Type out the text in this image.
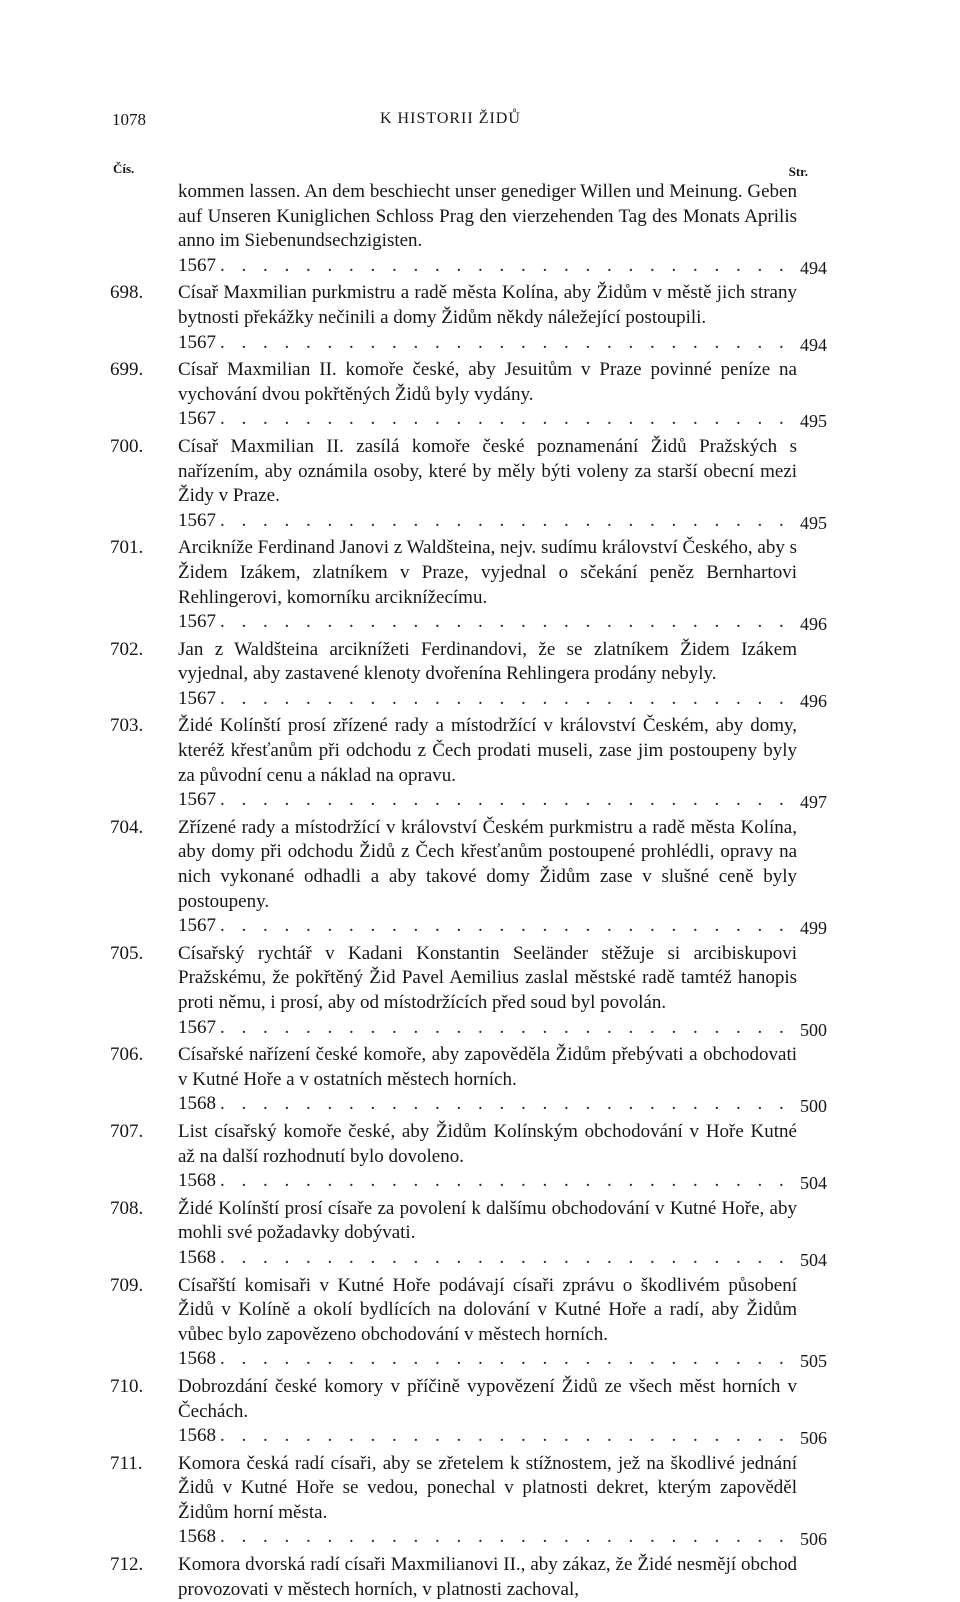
1078	K HISTORII ŽIDŮ
Čís.	Str.
kommen lassen. An dem beschiecht unser genediger Willen und Meinung. Geben auf Unseren Kuniglichen Schloss Prag den vierzehenden Tag des Monats Aprilis anno im Siebenundsechzigisten.
1567 . . .	494
698.	Císař Maxmilian purkmistru a radě města Kolína, aby Židům v městě jich strany bytnosti překážky nečinili a domy Židům někdy náležející postoupili.
1567 . . .	494
699.	Císař Maxmilian II. komoře české, aby Jesuitům v Praze povinné peníze na vychování dvou pokřtěných Židů byly vydány.
1567 . . .	495
700.	Císař Maxmilian II. zasílá komoře české poznamenání Židů Pražských s nařízením, aby oznámila osoby, které by měly býti voleny za starší obecní mezi Židy v Praze.
1567 . . .	495
701.	Arcikníže Ferdinand Janovi z Waldšteina, nejv. sudímu království Českého, aby s Židem Izákem, zlatníkem v Praze, vyjednal o sčekání peněz Bernhartovi Rehlingerovi, komorníku arciknížecímu.
1567 . . .	496
702.	Jan z Waldšteina arciknížeti Ferdinandovi, že se zlatníkem Židem Izákem vyjednal, aby zastavené klenoty dvořenína Rehlingera prodány nebyly.
1567 . . .	496
703.	Židé Kolínští prosí zřízené rady a místodržící v království Českém, aby domy, kteréž křesťanům při odchodu z Čech prodati museli, zase jim postoupeny byly za původní cenu a náklad na opravu.
1567 . . .	497
704.	Zřízené rady a místodržící v království Českém purkmistru a radě města Kolína, aby domy při odchodu Židů z Čech křesťanům postoupené prohlédli, opravy na nich vykonané odhadli a aby takové domy Židům zase v slušné ceně byly postoupeny.
1567 . . .	499
705.	Císařský rychtář v Kadani Konstantin Seeländer stěžuje si arcibiskupovi Pražskému, že pokřtěný Žid Pavel Aemilius zaslal městské radě tamtéž hanopis proti němu, i prosí, aby od místodržících před soud byl povolán.
1567 . . .	500
706.	Císařské nařízení české komoře, aby zapověděla Židům přebývati a obchodovati v Kutné Hoře a v ostatních městech horních.
1568 . . .	500
707.	List císařský komoře české, aby Židům Kolínským obchodování v Hoře Kutné až na další rozhodnutí bylo dovoleno.
1568 . . .	504
708.	Židé Kolínští prosí císaře za povolení k dalšímu obchodování v Kutné Hoře, aby mohli své požadavky dobývati.
1568 . . .	504
709.	Císařští komisaři v Kutné Hoře podávají císaři zprávu o škodlivém působení Židů v Kolíně a okolí bydlících na dolování v Kutné Hoře a radí, aby Židům vůbec bylo zapovězeno obchodování v městech horních.
1568 . . .	505
710.	Dobrozdání české komory v příčině vypovězení Židů ze všech měst horních v Čechách.
1568 . . .	506
711.	Komora česká radí císaři, aby se zřetelem k stížnostem, jež na škodlivé jednání Židů v Kutné Hoře se vedou, ponechal v platnosti dekret, kterým zapověděl Židům horní města.
1568 . . .	506
712.	Komora dvorská radí císaři Maxmilianovi II., aby zákaz, že Židé nesmějí obchod provozovati v městech horních, v platnosti zachoval,
